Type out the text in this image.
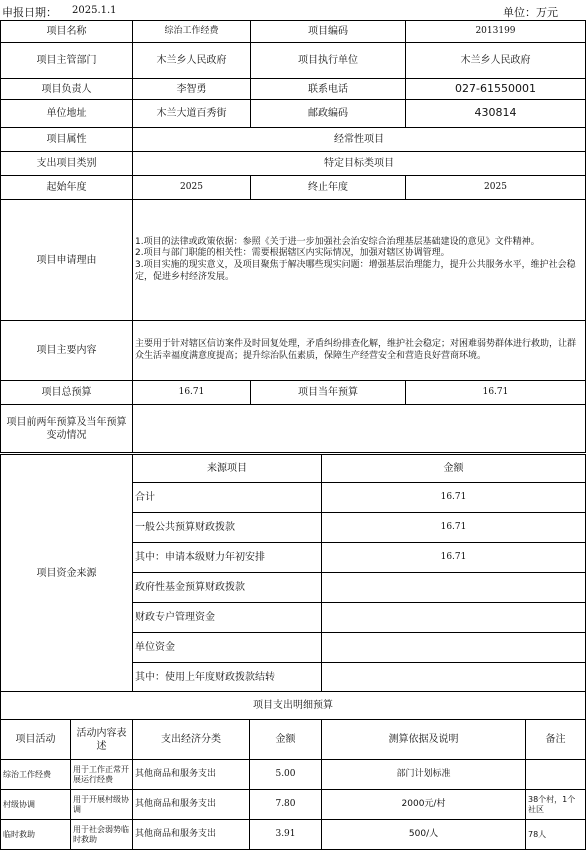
申报日期： 2025.1.1	单位：万元
项目名称	综治工作经费	项目编码	2013199
项目主管部门	木兰乡人民政府	项目执行单位	木兰乡人民政府
项目负责人	李智勇	联系电话	027-61550001
单位地址	木兰大道百秀街	邮政编码	430814
项目属性	经常性项目		
支出项目类别	特定目标类项目		
起始年度	2025	终止年度	2025
项目申请理由	1.项目的法律或政策依据：参照《关于进一步加强社会治安综合治理基层基础建设的意见》文件精神。
2.项目与部门职能的相关性：需要根据辖区内实际情况，加强对辖区协调管理。
3.项目实施的现实意义，及项目聚焦于解决哪些现实问题：增强基层治理能力，提升公共服务水平，维护社会稳定，促进乡村经济发展。		
项目主要内容	主要用于针对辖区信访案件及时回复处理，矛盾纠纷排查化解，维护社会稳定；对困难弱势群体进行救助，让群众生活幸福度满意度提高；提升综治队伍素质，保障生产经营安全和营造良好营商环境。		
项目总预算	16.71	项目当年预算	16.71
项目前两年预算及当年预算变动情况			
项目资金来源	来源项目	金额
	合计	16.71
	一般公共预算财政拨款	16.71
	其中：申请本级财力年初安排	16.71
	政府性基金预算财政拨款	
	财政专户管理资金	
	单位资金	
	其中：使用上年度财政拨款结转	
项目支出明细预算					
项目活动	活动内容表述	支出经济分类	金额	测算依据及说明	备注
综治工作经费	用于工作正常开展运行经费	其他商品和服务支出	5.00	部门计划标准	
村级协调	用于开展村级协调	其他商品和服务支出	7.80	2000元/村	38个村，1个社区
临时救助	用于社会弱势临时救助	其他商品和服务支出	3.91	500/人	78人
